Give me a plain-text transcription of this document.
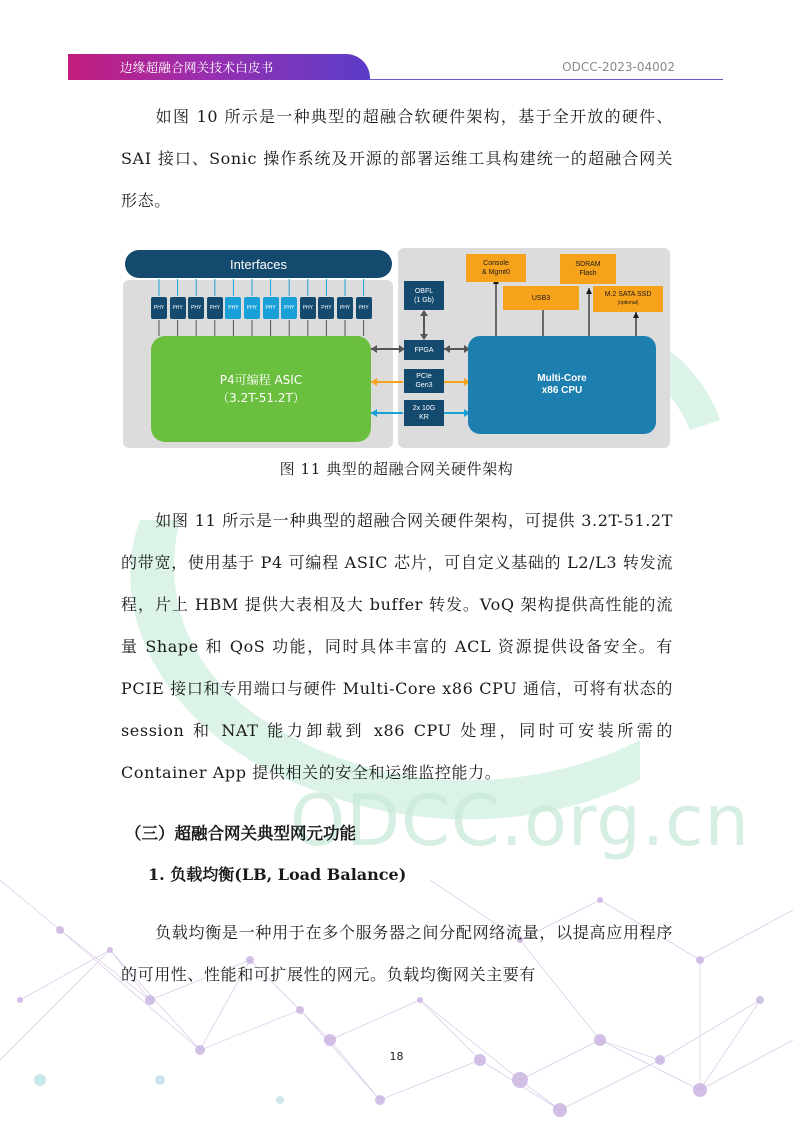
ODCC.org.cn
边缘超融合网关技术白皮书	ODCC-2023-04002
如图 10 所示是一种典型的超融合软硬件架构，基于全开放的硬件、SAI 接口、Sonic 操作系统及开源的部署运维工具构建统一的超融合网关形态。
Interfaces
P4可编程 ASIC
（3.2T-51.2T）
OBFL
(1 Gb)
FPGA
PCIe
Gen3
2x 10G
KR
Console
& Mgmt0
USB3
SDRAM
Flash
M.2 SATA SSD
(optional)
Multi-Core
x86 CPU
PHY	PHY	PHY	PHY	PHY	PHY	PHY	PHY	PHY	PHY	PHY	PHY
图 11 典型的超融合网关硬件架构
如图 11 所示是一种典型的超融合网关硬件架构，可提供 3.2T-51.2T 的带宽，使用基于 P4 可编程 ASIC 芯片，可自定义基础的 L2/L3 转发流程，片上 HBM 提供大表相及大 buffer 转发。VoQ 架构提供高性能的流量 Shape 和 QoS 功能，同时具体丰富的 ACL 资源提供设备安全。有 PCIE 接口和专用端口与硬件 Multi-Core x86 CPU 通信，可将有状态的 session 和 NAT 能力卸载到 x86 CPU 处理，同时可安装所需的 Container App 提供相关的安全和运维监控能力。
（三）超融合网关典型网元功能
1. 负载均衡(LB, Load Balance)
负载均衡是一种用于在多个服务器之间分配网络流量，以提高应用程序的可用性、性能和可扩展性的网元。负载均衡网关主要有
18
